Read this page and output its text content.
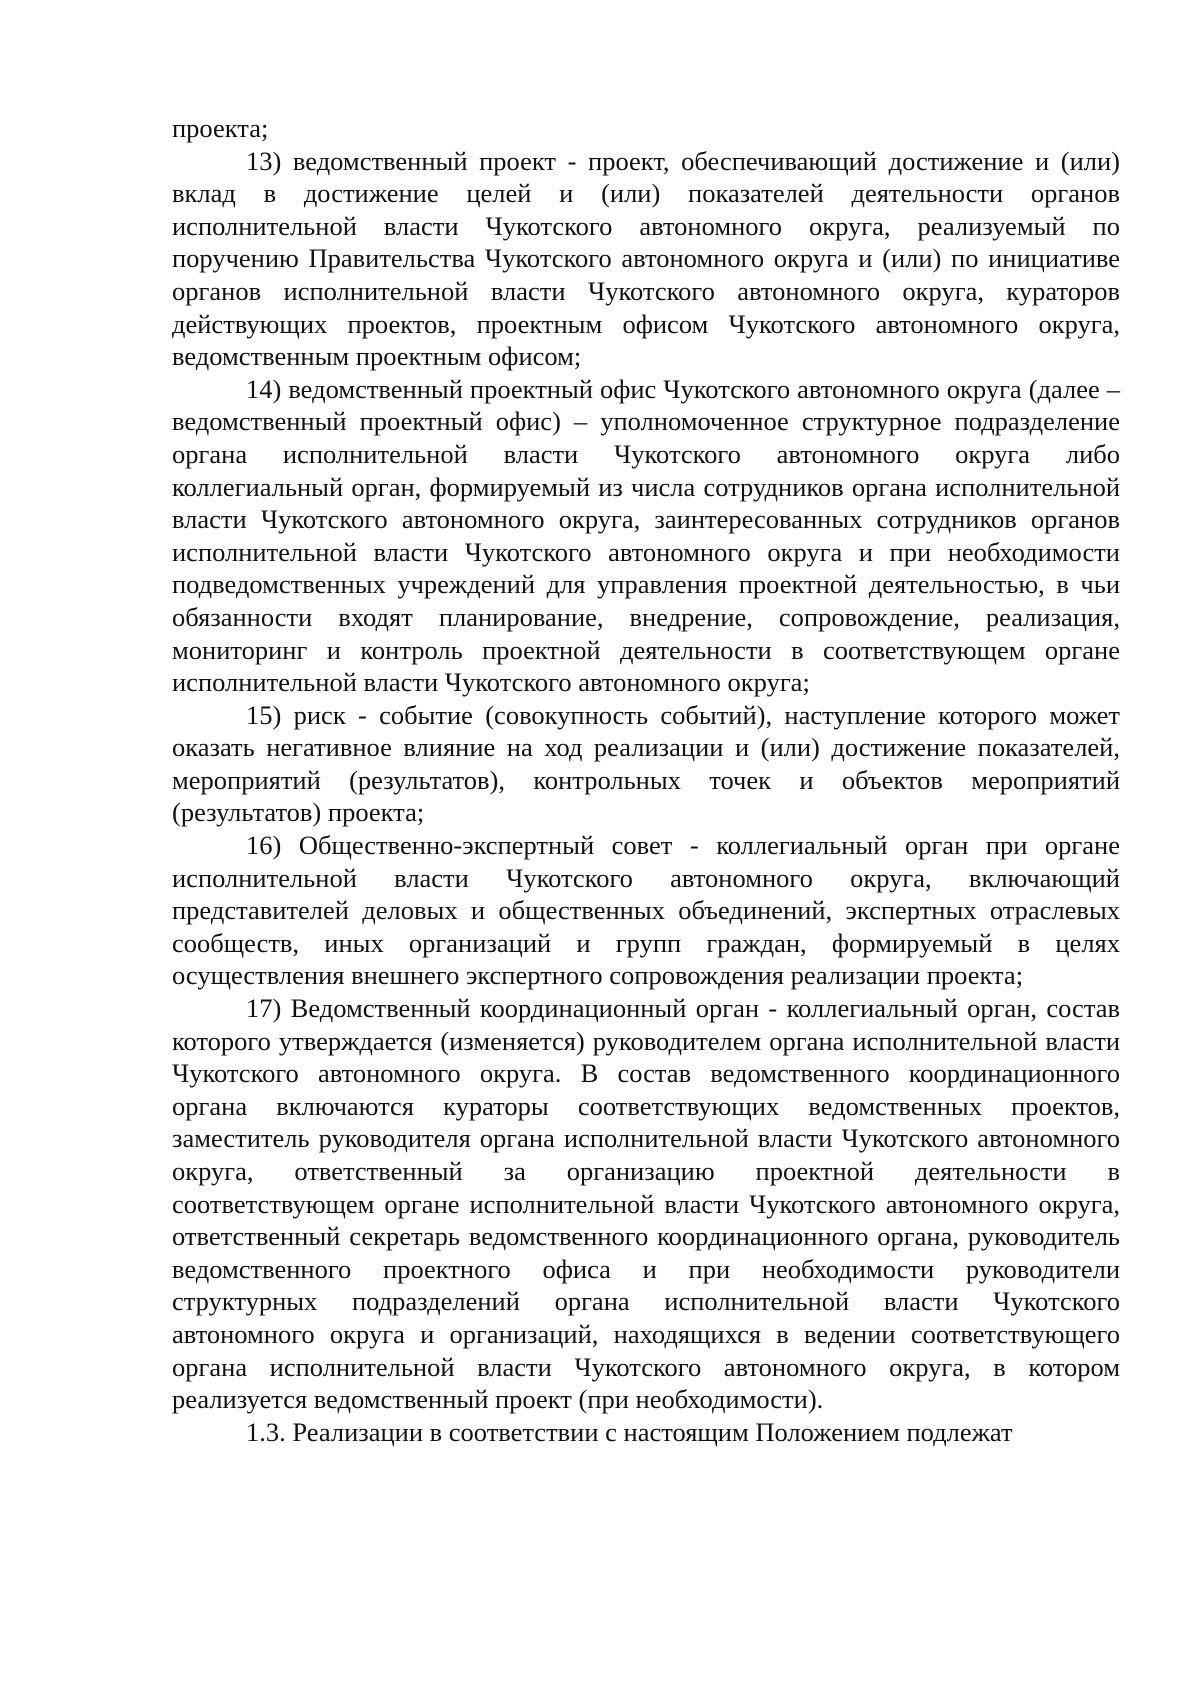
проекта;

13) ведомственный проект - проект, обеспечивающий достижение и (или) вклад в достижение целей и (или) показателей деятельности органов исполнительной власти Чукотского автономного округа, реализуемый по поручению Правительства Чукотского автономного округа и (или) по инициативе органов исполнительной власти Чукотского автономного округа, кураторов действующих проектов, проектным офисом Чукотского автономного округа, ведомственным проектным офисом;

14) ведомственный проектный офис Чукотского автономного округа (далее – ведомственный проектный офис) – уполномоченное структурное подразделение органа исполнительной власти Чукотского автономного округа либо коллегиальный орган, формируемый из числа сотрудников органа исполнительной власти Чукотского автономного округа, заинтересованных сотрудников органов исполнительной власти Чукотского автономного округа и при необходимости подведомственных учреждений для управления проектной деятельностью, в чьи обязанности входят планирование, внедрение, сопровождение, реализация, мониторинг и контроль проектной деятельности в соответствующем органе исполнительной власти Чукотского автономного округа;

15) риск - событие (совокупность событий), наступление которого может оказать негативное влияние на ход реализации и (или) достижение показателей, мероприятий (результатов), контрольных точек и объектов мероприятий (результатов) проекта;

16) Общественно-экспертный совет - коллегиальный орган при органе исполнительной власти Чукотского автономного округа, включающий представителей деловых и общественных объединений, экспертных отраслевых сообществ, иных организаций и групп граждан, формируемый в целях осуществления внешнего экспертного сопровождения реализации проекта;

17) Ведомственный координационный орган - коллегиальный орган, состав которого утверждается (изменяется) руководителем органа исполнительной власти Чукотского автономного округа. В состав ведомственного координационного органа включаются кураторы соответствующих ведомственных проектов, заместитель руководителя органа исполнительной власти Чукотского автономного округа, ответственный за организацию проектной деятельности в соответствующем органе исполнительной власти Чукотского автономного округа, ответственный секретарь ведомственного координационного органа, руководитель ведомственного проектного офиса и при необходимости руководители структурных подразделений органа исполнительной власти Чукотского автономного округа и организаций, находящихся в ведении соответствующего органа исполнительной власти Чукотского автономного округа, в котором реализуется ведомственный проект (при необходимости).

1.3. Реализации в соответствии с настоящим Положением подлежат
